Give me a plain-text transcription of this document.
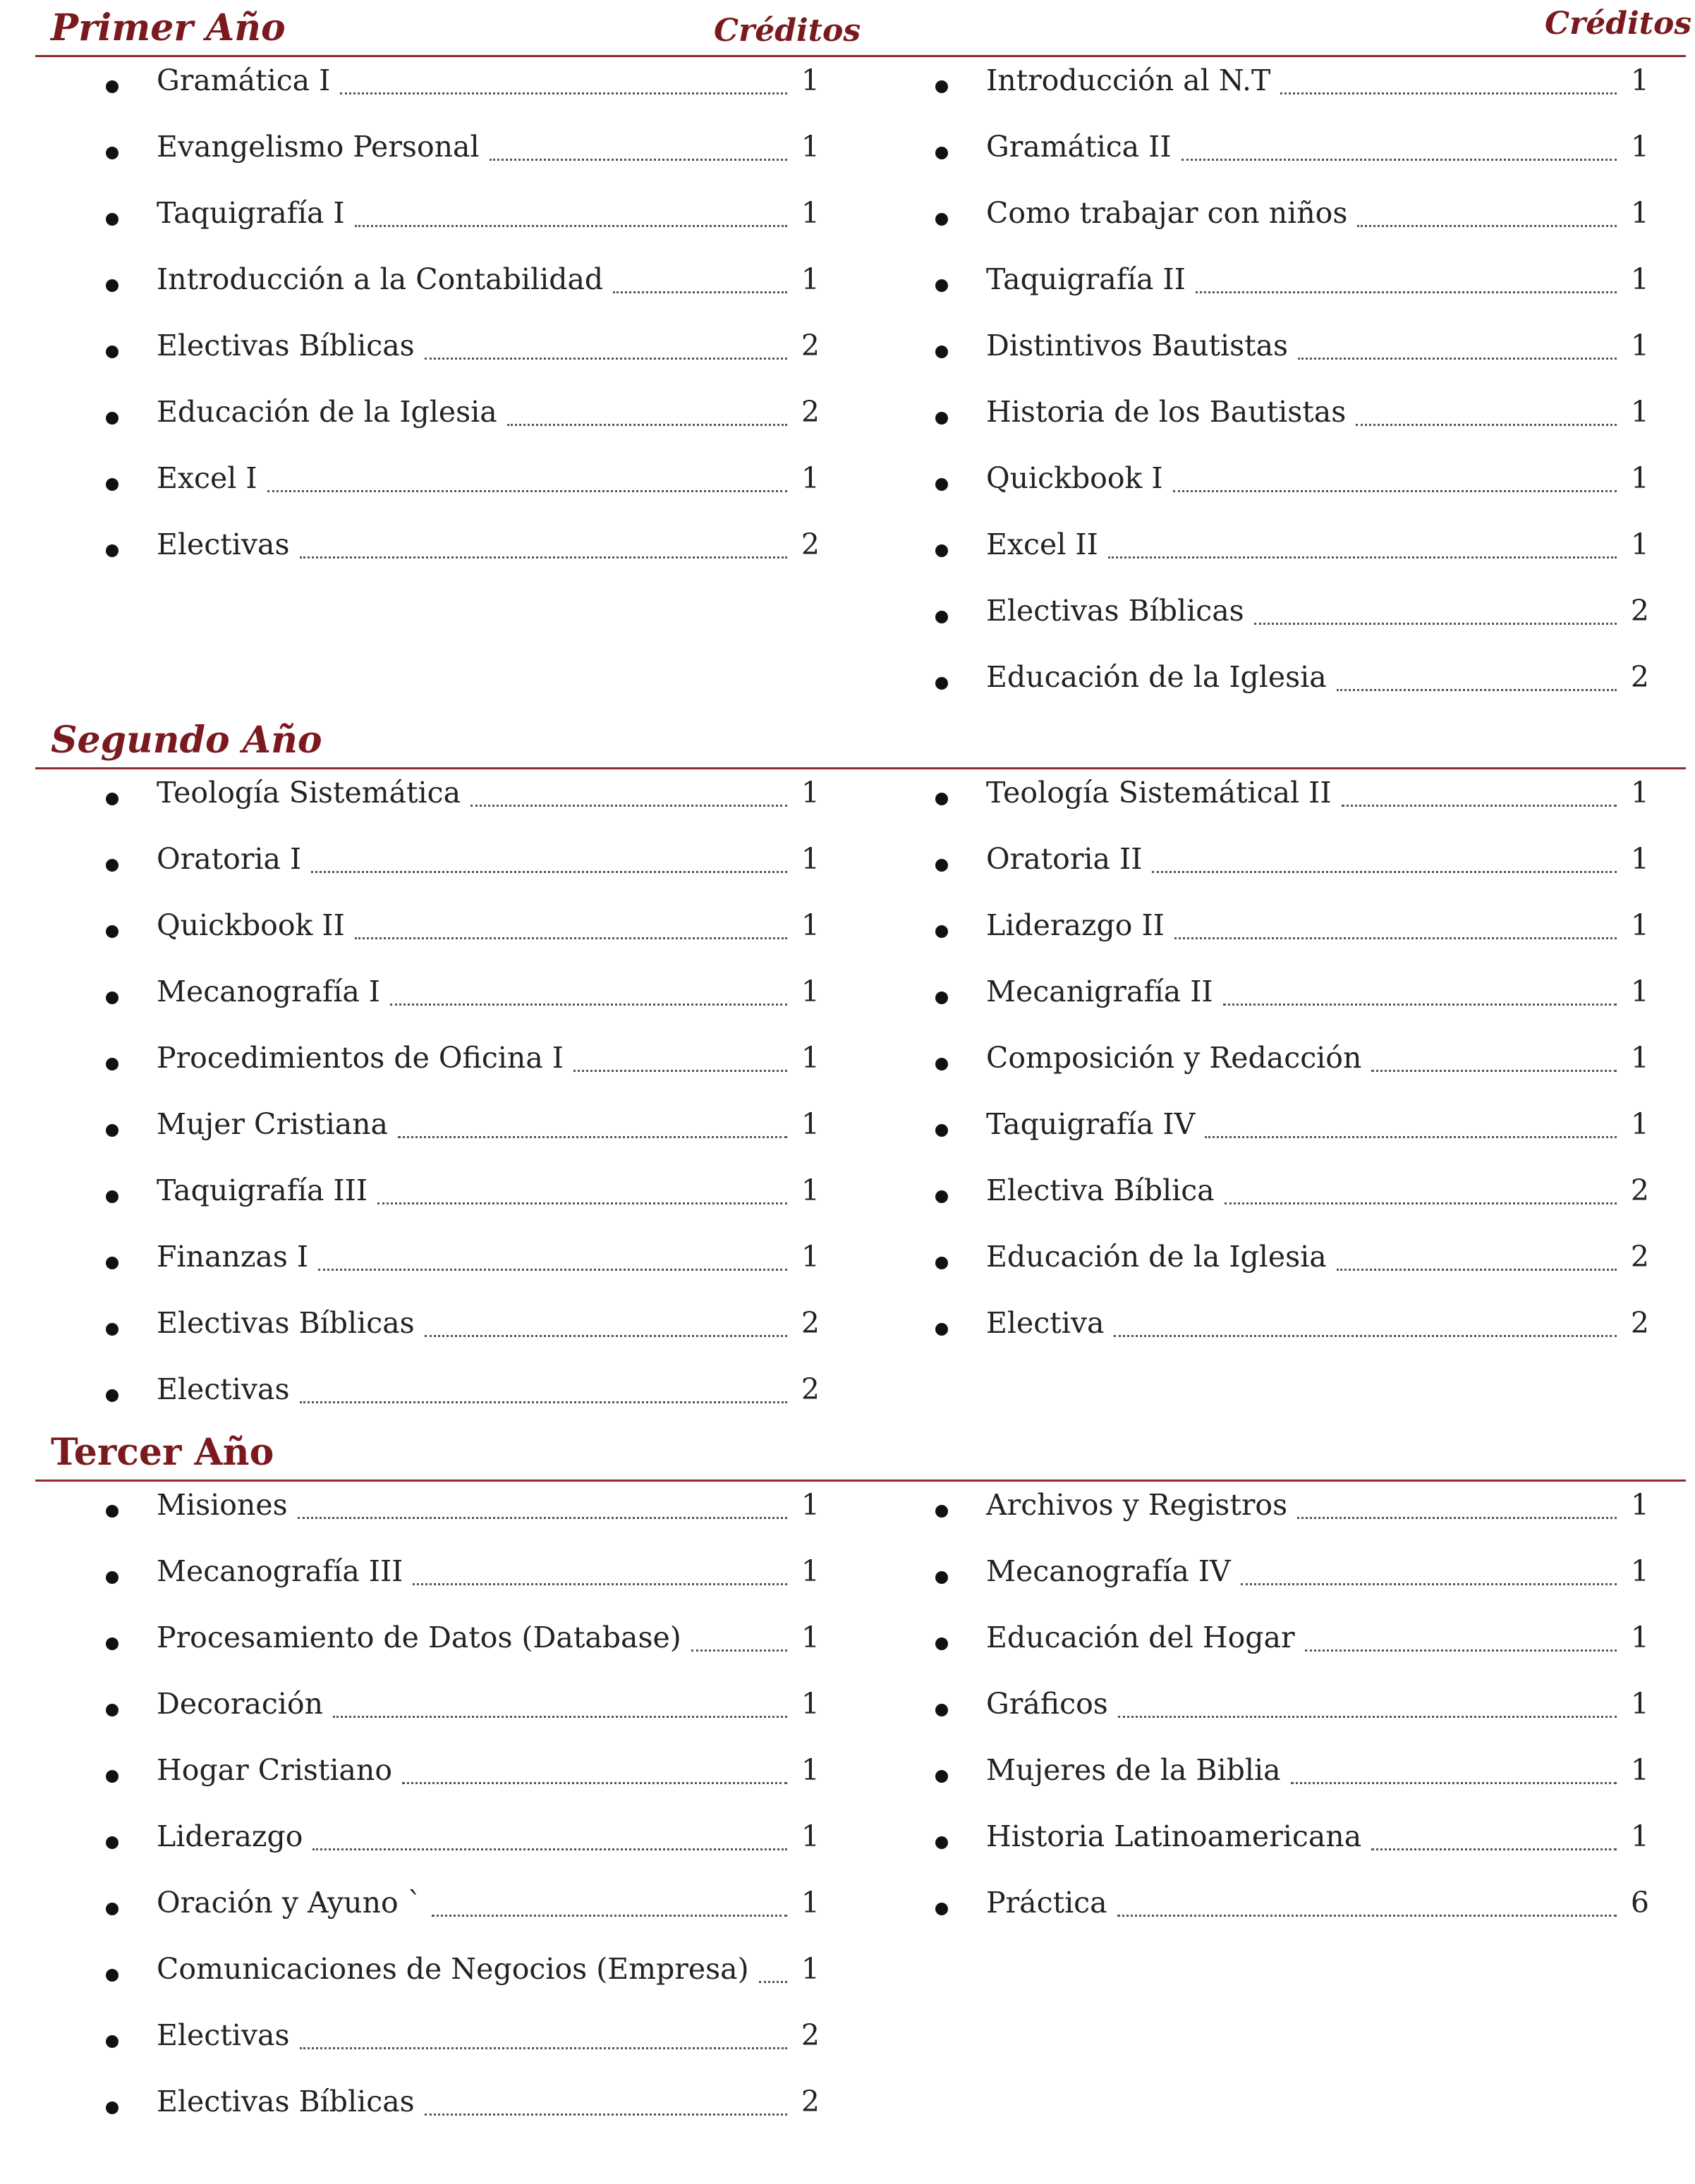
Primer Año	Créditos	Créditos
Gramática I	1
Evangelismo Personal	1
Taquigrafía I	1
Introducción a la Contabilidad	1
Electivas Bíblicas	2
Educación de la Iglesia	2
Excel I	1
Electivas	2
Introducción al N.T	1
Gramática II	1
Como trabajar con niños	1
Taquigrafía II	1
Distintivos Bautistas	1
Historia de los Bautistas	1
Quickbook I	1
Excel II	1
Electivas Bíblicas	2
Educación de la Iglesia	2
Segundo Año
Teología Sistemática	1
Oratoria I	1
Quickbook II	1
Mecanografía I	1
Procedimientos de Oficina I	1
Mujer Cristiana	1
Taquigrafía III	1
Finanzas I	1
Electivas Bíblicas	2
Electivas	2
Teología Sistemátical II	1
Oratoria II	1
Liderazgo II	1
Mecanigrafía II	1
Composición y Redacción	1
Taquigrafía IV	1
Electiva Bíblica	2
Educación de la Iglesia	2
Electiva	2
Tercer Año
Misiones	1
Mecanografía III	1
Procesamiento de Datos (Database)	1
Decoración	1
Hogar Cristiano	1
Liderazgo	1
Oración y Ayuno `	1
Comunicaciones de Negocios (Empresa) 1
Electivas	2
Electivas Bíblicas	2
Archivos y Registros	1
Mecanografía IV	1
Educación del Hogar	1
Gráficos	1
Mujeres de la Biblia	1
Historia Latinoamericana	1
Práctica	6
